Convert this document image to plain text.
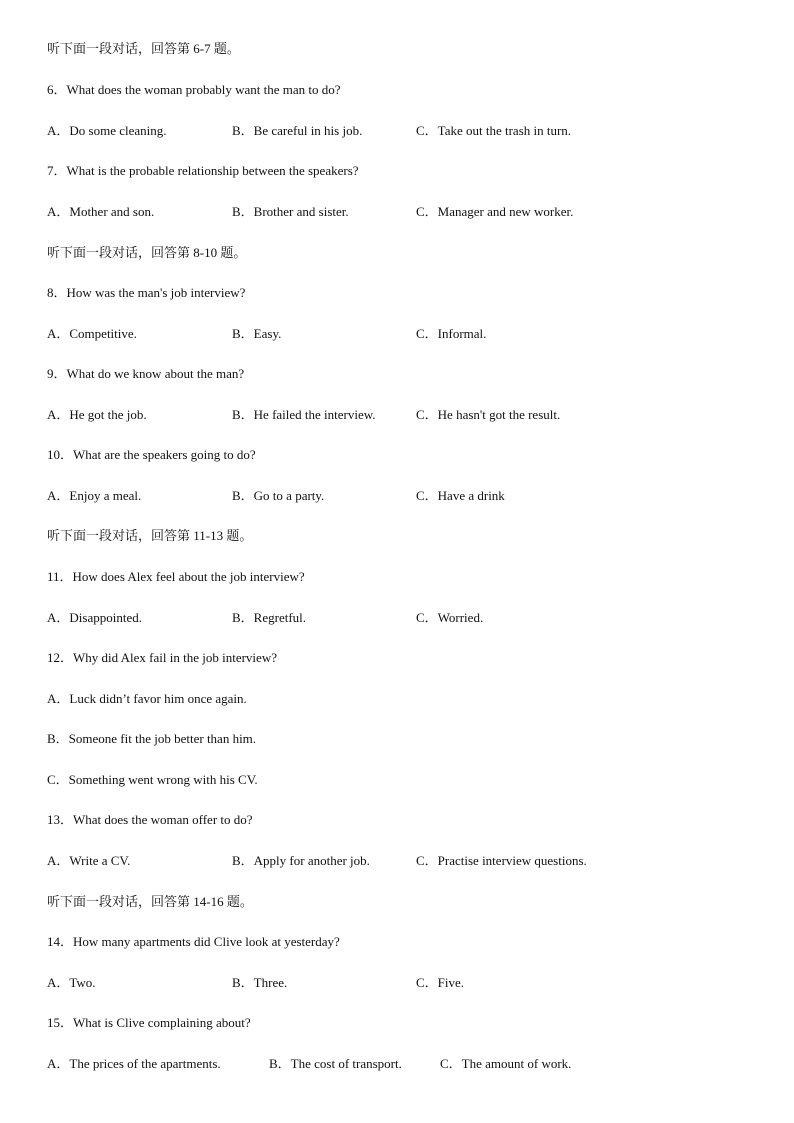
听下面一段对话，回答第 6-7 题。
6．What does the woman probably want the man to do?
A．Do some cleaning.	B．Be careful in his job.	C．Take out the trash in turn.
7．What is the probable relationship between the speakers?
A．Mother and son.	B．Brother and sister.	C．Manager and new worker.
听下面一段对话，回答第 8-10 题。
8．How was the man's job interview?
A．Competitive.	B．Easy.	C．Informal.
9．What do we know about the man?
A．He got the job.	B．He failed the interview.	C．He hasn't got the result.
10．What are the speakers going to do?
A．Enjoy a meal.	B．Go to a party.	C．Have a drink
听下面一段对话，回答第 11-13 题。
11．How does Alex feel about the job interview?
A．Disappointed.	B．Regretful.	C．Worried.
12．Why did Alex fail in the job interview?
A．Luck didn’t favor him once again.
B．Someone fit the job better than him.
C．Something went wrong with his CV.
13．What does the woman offer to do?
A．Write a CV.	B．Apply for another job.	C．Practise interview questions.
听下面一段对话，回答第 14-16 题。
14．How many apartments did Clive look at yesterday?
A．Two.	B．Three.	C．Five.
15．What is Clive complaining about?
A．The prices of the apartments.	B．The cost of transport.	C．The amount of work.
